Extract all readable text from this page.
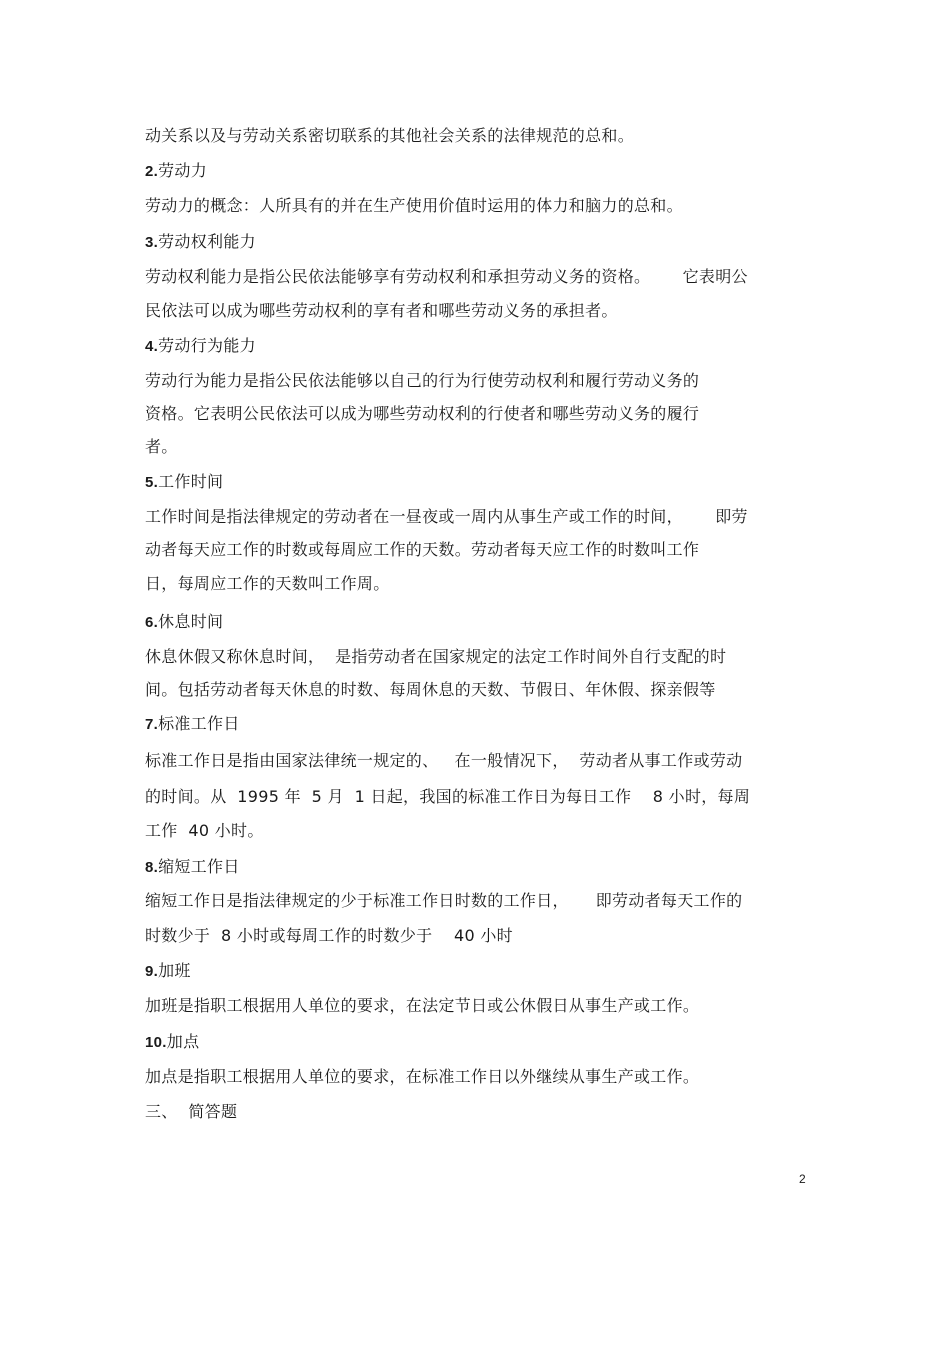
动关系以及与劳动关系密切联系的其他社会关系的法律规范的总和。
2.劳动力
劳动力的概念：人所具有的并在生产使用价值时运用的体力和脑力的总和。
3.劳动权利能力
劳动权利能力是指公民依法能够享有劳动权利和承担劳动义务的资格。      它表明公
民依法可以成为哪些劳动权利的享有者和哪些劳动义务的承担者。
4.劳动行为能力
劳动行为能力是指公民依法能够以自己的行为行使劳动权利和履行劳动义务的
资格。它表明公民依法可以成为哪些劳动权利的行使者和哪些劳动义务的履行
者。
5.工作时间
工作时间是指法律规定的劳动者在一昼夜或一周内从事生产或工作的时间，      即劳
动者每天应工作的时数或每周应工作的天数。劳动者每天应工作的时数叫工作
日，每周应工作的天数叫工作周。
6.休息时间
休息休假又称休息时间，  是指劳动者在国家规定的法定工作时间外自行支配的时
间。包括劳动者每天休息的时数、每周休息的天数、节假日、年休假、探亲假等
7.标准工作日
标准工作日是指由国家法律统一规定的、   在一般情况下，  劳动者从事工作或劳动
的时间。从  1995 年  5 月  1 日起，我国的标准工作日为每日工作    8 小时，每周
工作  40 小时。
8.缩短工作日
缩短工作日是指法律规定的少于标准工作日时数的工作日，     即劳动者每天工作的
时数少于  8 小时或每周工作的时数少于    40 小时
9.加班
加班是指职工根据用人单位的要求，在法定节日或公休假日从事生产或工作。
10.加点
加点是指职工根据用人单位的要求，在标准工作日以外继续从事生产或工作。
三、  简答题
2
